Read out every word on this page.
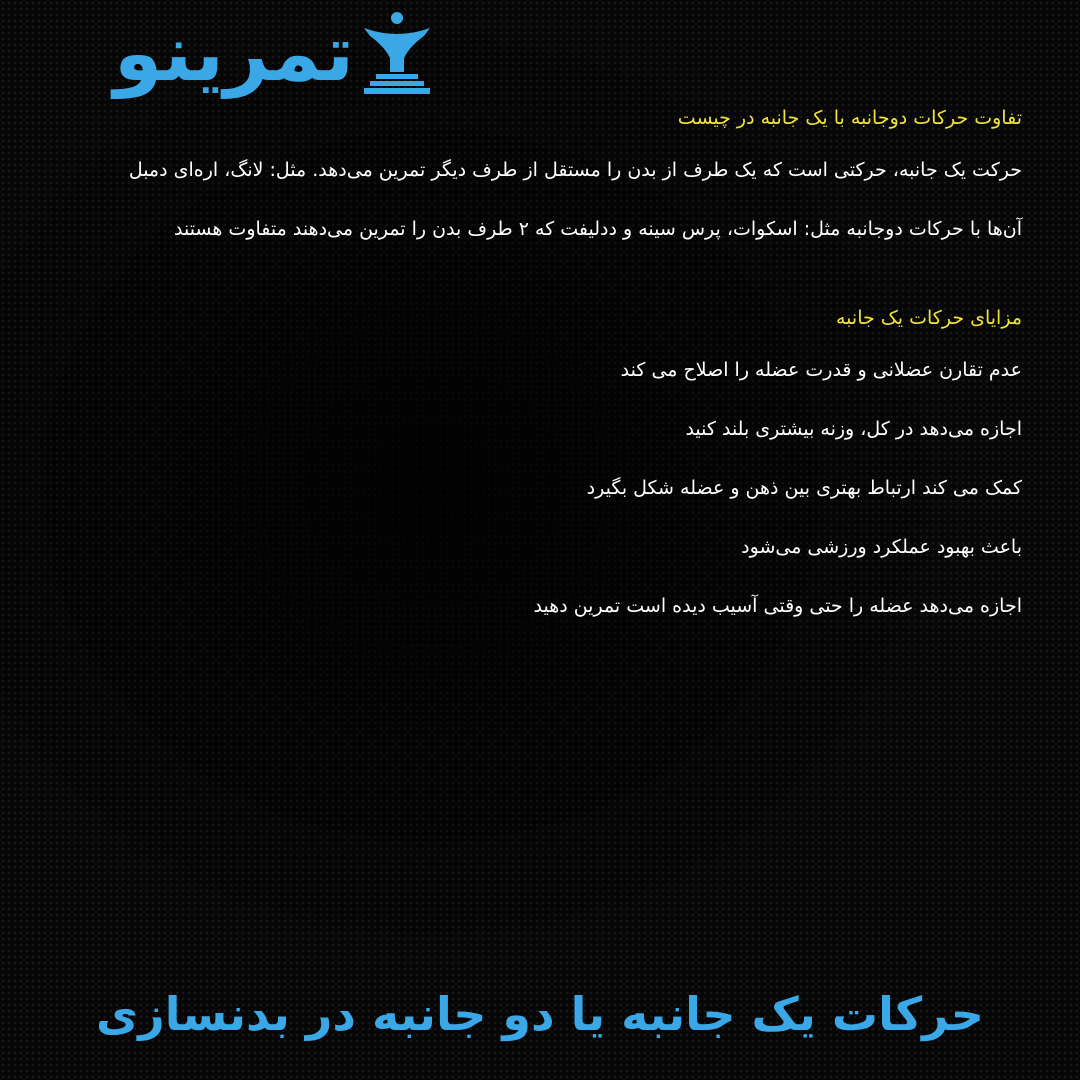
تمرینو
تفاوت حرکات دوجانبه با یک جانبه در چیست

حرکت یک جانبه، حرکتی است که یک طرف از بدن را مستقل از طرف دیگر تمرین می‌دهد. مثل: لانگ، اره‌ای دمبل

آن‌ها با حرکات دوجانبه مثل: اسکوات، پرس سینه و ددلیفت که ۲ طرف بدن را تمرین می‌دهند متفاوت هستند

مزایای حرکات یک جانبه

عدم تقارن عضلانی و قدرت عضله را اصلاح می کند

اجازه می‌دهد در کل، وزنه بیشتری بلند کنید

کمک می کند ارتباط بهتری بین ذهن و عضله شکل بگیرد

باعث بهبود عملکرد ورزشی می‌شود

اجازه می‌دهد عضله را حتی وقتی آسیب دیده است تمرین دهید

حرکات یک جانبه یا دو جانبه در بدنسازی
